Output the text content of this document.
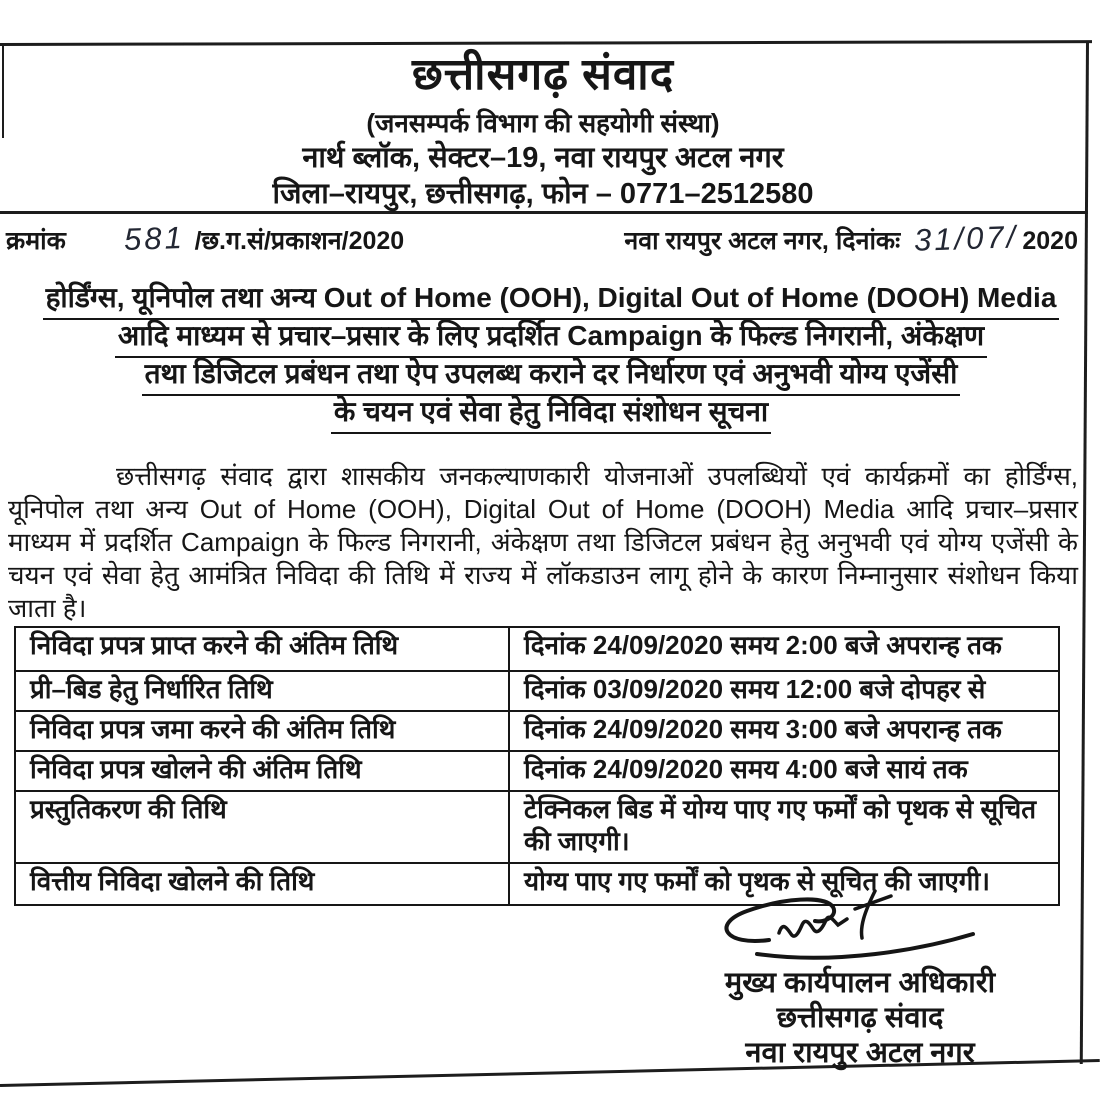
छत्तीसगढ़ संवाद
(जनसम्पर्क विभाग की सहयोगी संस्था)
नार्थ ब्लॉक, सेक्टर–19, नवा रायपुर अटल नगर
जिला–रायपुर, छत्तीसगढ़, फोन – 0771–2512580
क्रमांक 581 /छ.ग.सं/प्रकाशन/2020	नवा रायपुर अटल नगर, दिनांकः 31/07/ 2020
होर्डिंग्स, यूनिपोल तथा अन्य Out of Home (OOH), Digital Out of Home (DOOH) Media
आदि माध्यम से प्रचार–प्रसार के लिए प्रदर्शित Campaign के फिल्ड निगरानी, अंकेक्षण
तथा डिजिटल प्रबंधन तथा ऐप उपलब्ध कराने दर निर्धारण एवं अनुभवी योग्य एजेंसी
के चयन एवं सेवा हेतु निविदा संशोधन सूचना
छत्तीसगढ़ संवाद द्वारा शासकीय जनकल्याणकारी योजनाओं उपलब्धियों एवं कार्यक्रमों का होर्डिंग्स, यूनिपोल तथा अन्य Out of Home (OOH), Digital Out of Home (DOOH) Media आदि प्रचार–प्रसार माध्यम में प्रदर्शित Campaign के फिल्ड निगरानी, अंकेक्षण तथा डिजिटल प्रबंधन हेतु अनुभवी एवं योग्य एजेंसी के चयन एवं सेवा हेतु आमंत्रित निविदा की तिथि में राज्य में लॉकडाउन लागू होने के कारण निम्नानुसार संशोधन किया जाता है।
निविदा प्रपत्र प्राप्त करने की अंतिम तिथि	दिनांक 24/09/2020 समय 2:00 बजे अपरान्ह तक
प्री–बिड हेतु निर्धारित तिथि	दिनांक 03/09/2020 समय 12:00 बजे दोपहर से
निविदा प्रपत्र जमा करने की अंतिम तिथि	दिनांक 24/09/2020 समय 3:00 बजे अपरान्ह तक
निविदा प्रपत्र खोलने की अंतिम तिथि	दिनांक 24/09/2020 समय 4:00 बजे सायं तक
प्रस्तुतिकरण की तिथि	टेक्निकल बिड में योग्य पाए गए फर्मों को पृथक से सूचित की जाएगी।
वित्तीय निविदा खोलने की तिथि	योग्य पाए गए फर्मों को पृथक से सूचित की जाएगी।
मुख्य कार्यपालन अधिकारी
छत्तीसगढ़ संवाद
नवा रायपुर अटल नगर
